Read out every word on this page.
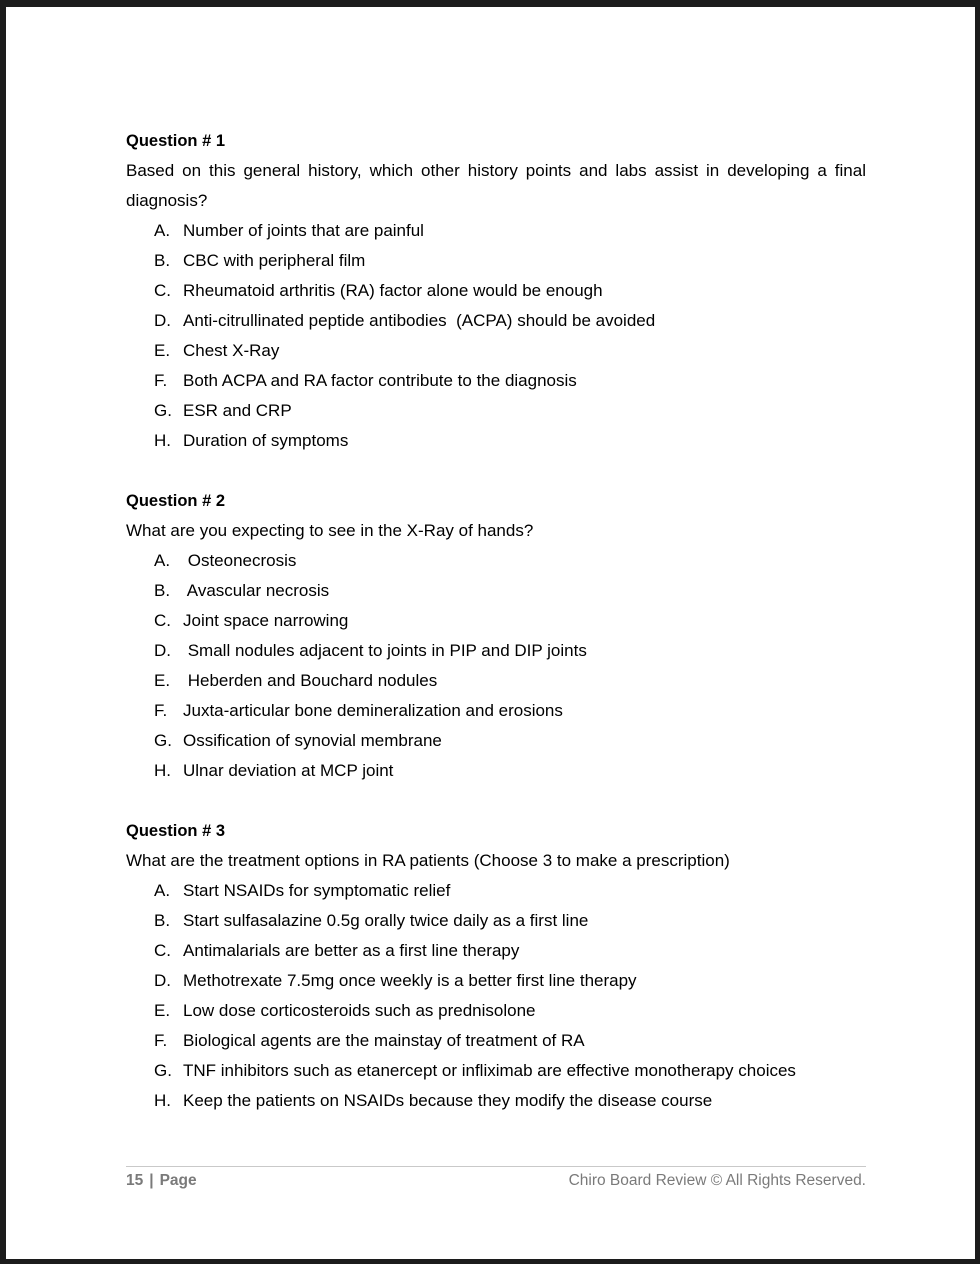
Question # 1
Based on this general history, which other history points and labs assist in developing a final diagnosis?
A. Number of joints that are painful
B. CBC with peripheral film
C. Rheumatoid arthritis (RA) factor alone would be enough
D. Anti-citrullinated peptide antibodies  (ACPA) should be avoided
E. Chest X-Ray
F. Both ACPA and RA factor contribute to the diagnosis
G. ESR and CRP
H. Duration of symptoms
Question # 2
What are you expecting to see in the X-Ray of hands?
A. Osteonecrosis
B. Avascular necrosis
C. Joint space narrowing
D. Small nodules adjacent to joints in PIP and DIP joints
E. Heberden and Bouchard nodules
F. Juxta-articular bone demineralization and erosions
G. Ossification of synovial membrane
H. Ulnar deviation at MCP joint
Question # 3
What are the treatment options in RA patients (Choose 3 to make a prescription)
A. Start NSAIDs for symptomatic relief
B. Start sulfasalazine 0.5g orally twice daily as a first line
C. Antimalarials are better as a first line therapy
D. Methotrexate 7.5mg once weekly is a better first line therapy
E. Low dose corticosteroids such as prednisolone
F. Biological agents are the mainstay of treatment of RA
G. TNF inhibitors such as etanercept or infliximab are effective monotherapy choices
H. Keep the patients on NSAIDs because they modify the disease course
15 | Page	Chiro Board Review © All Rights Reserved.
